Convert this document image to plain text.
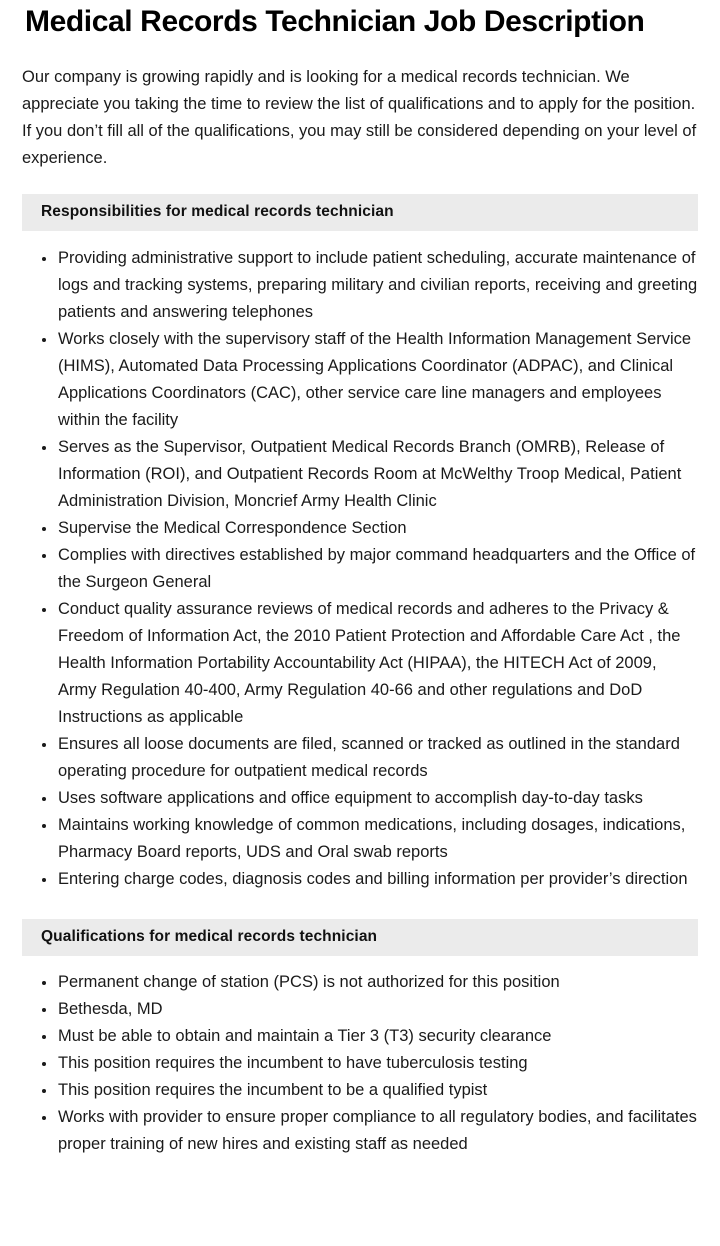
Medical Records Technician Job Description

Our company is growing rapidly and is looking for a medical records technician. We appreciate you taking the time to review the list of qualifications and to apply for the position. If you don’t fill all of the qualifications, you may still be considered depending on your level of experience.

Responsibilities for medical records technician
Providing administrative support to include patient scheduling, accurate maintenance of logs and tracking systems, preparing military and civilian reports, receiving and greeting patients and answering telephones
Works closely with the supervisory staff of the Health Information Management Service (HIMS), Automated Data Processing Applications Coordinator (ADPAC), and Clinical Applications Coordinators (CAC), other service care line managers and employees within the facility
Serves as the Supervisor, Outpatient Medical Records Branch (OMRB), Release of Information (ROI), and Outpatient Records Room at McWelthy Troop Medical, Patient Administration Division, Moncrief Army Health Clinic
Supervise the Medical Correspondence Section
Complies with directives established by major command headquarters and the Office of the Surgeon General
Conduct quality assurance reviews of medical records and adheres to the Privacy & Freedom of Information Act, the 2010 Patient Protection and Affordable Care Act , the Health Information Portability Accountability Act (HIPAA), the HITECH Act of 2009, Army Regulation 40-400, Army Regulation 40-66 and other regulations and DoD Instructions as applicable
Ensures all loose documents are filed, scanned or tracked as outlined in the standard operating procedure for outpatient medical records
Uses software applications and office equipment to accomplish day-to-day tasks
Maintains working knowledge of common medications, including dosages, indications, Pharmacy Board reports, UDS and Oral swab reports
Entering charge codes, diagnosis codes and billing information per provider’s direction
Qualifications for medical records technician
Permanent change of station (PCS) is not authorized for this position
Bethesda, MD
Must be able to obtain and maintain a Tier 3 (T3) security clearance
This position requires the incumbent to have tuberculosis testing
This position requires the incumbent to be a qualified typist
Works with provider to ensure proper compliance to all regulatory bodies, and facilitates proper training of new hires and existing staff as needed
